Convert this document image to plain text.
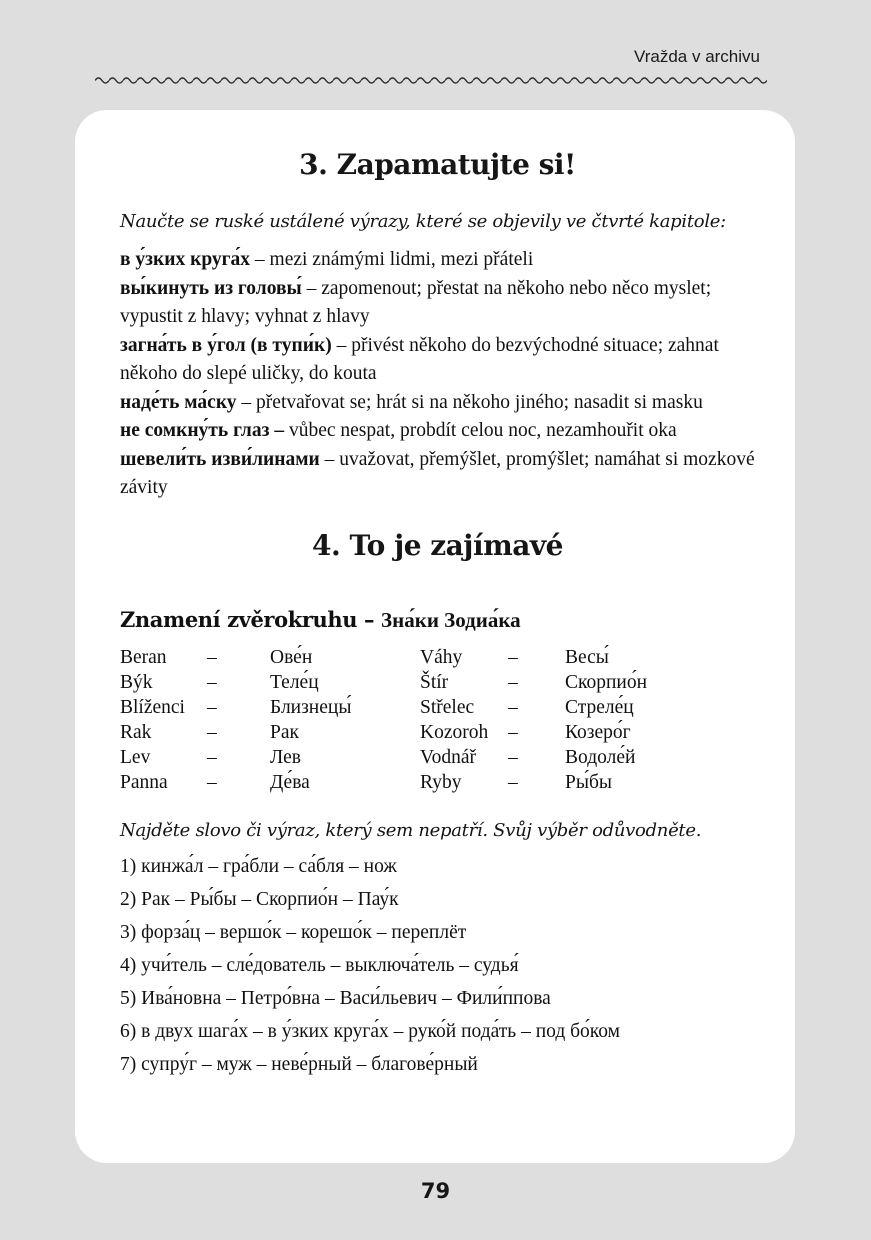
Vražda v archivu
3. Zapamatujte si!

Naučte se ruské ustálené výrazy, které se objevily ve čtvrté kapitole:

в у́зких круга́х – mezi známými lidmi, mezi přáteli

вы́кинуть из головы́ – zapomenout; přestat na někoho nebo něco myslet; vypustit z hlavy; vyhnat z hlavy

загна́ть в у́гол (в тупи́к) – přivést někoho do bezvýchodné situace; zahnat někoho do slepé uličky, do kouta

наде́ть ма́ску – přetvařovat se; hrát si na někoho jiného; nasadit si masku

не сомкну́ть глаз – vůbec nespat, probdít celou noc, nezamhouřit oka

шевели́ть изви́линами – uvažovat, přemýšlet, promýšlet; namáhat si mozkové závity

4. To je zajímavé
Znamení zvěrokruhu – Зна́ки Зодиа́ка
Beran	–	Ове́н	Váhy	–	Весы́
Býk	–	Теле́ц	Štír	–	Скорпио́н
Blíženci	–	Близнецы́	Střelec	–	Стреле́ц
Rak	–	Рак	Kozoroh	–	Козеро́г
Lev	–	Лев	Vodnář	–	Водоле́й
Panna	–	Де́ва	Ryby	–	Ры́бы

Najděte slovo či výraz, který sem nepatří. Svůj výběr odůvodněte.

1) кинжа́л – гра́бли – са́бля – нож

2) Рак – Ры́бы – Скорпио́н – Пау́к

3) форза́ц – вершо́к – корешо́к – переплёт

4) учи́тель – сле́дователь – выключа́тель – судья́

5) Ива́новна – Петро́вна – Васи́льевич – Фили́ппова

6) в двух шага́х – в у́зких круга́х – руко́й пода́ть – под бо́ком

7) супру́г – муж – неве́рный – благове́рный

79
